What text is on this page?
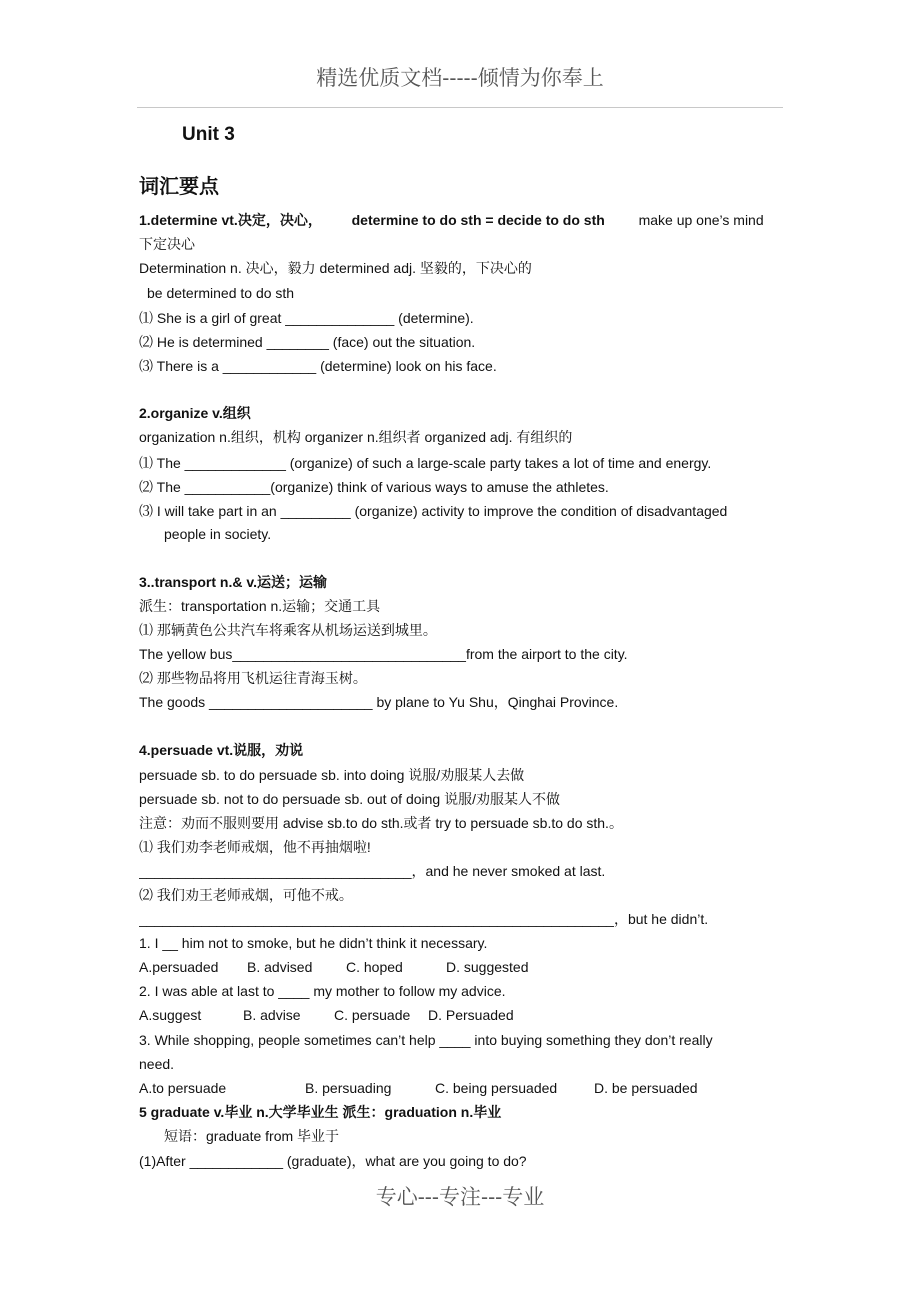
精选优质文档-----倾情为你奉上
Unit 3
词汇要点
1.determine vt.决定，决心， determine to do sth = decide to do sth make up one’s mind
下定决心
Determination n. 决心，毅力 determined adj. 坚毅的，下决心的
be determined to do sth
⑴ She is a girl of great ______________ (determine).
⑵ He is determined ________ (face) out the situation.
⑶ There is a ____________ (determine) look on his face.
2.organize v.组织
organization n.组织，机构 organizer n.组织者 organized adj. 有组织的
⑴ The _____________ (organize) of such a large-scale party takes a lot of time and energy.
⑵ The ___________(organize) think of various ways to amuse the athletes.
⑶ I will take part in an _________ (organize) activity to improve the condition of disadvantaged
people in society.
3..transport n.& v.运送；运输
派生：transportation n.运输；交通工具
⑴ 那辆黄色公共汽车将乘客从机场运送到城里。
The yellow bus______________________________from the airport to the city.
⑵ 那些物品将用飞机运往青海玉树。
The goods _____________________ by plane to Yu Shu，Qinghai Province.
4.persuade vt.说服，劝说
persuade sb. to do persuade sb. into doing 说服/劝服某人去做
persuade sb. not to do persuade sb. out of doing 说服/劝服某人不做
注意：劝而不服则要用 advise sb.to do sth.或者 try to persuade sb.to do sth.。
⑴ 我们劝李老师戒烟，他不再抽烟啦!
___________________________________，and he never smoked at last.
⑵ 我们劝王老师戒烟，可他不戒。
_____________________________________________________________，but he didn’t.
1. I __ him not to smoke, but he didn’t think it necessary.
A.persuaded B. advised C. hoped	D. suggested
2. I was able at last to ____ my mother to follow my advice.
A.suggest	B. advise C. persuade D. Persuaded
3. While shopping, people sometimes can’t help ____ into buying something they don’t really
need.
A.to persuade	B. persuading	C. being persuaded	D. be persuaded
5 graduate v.毕业 n.大学毕业生 派生：graduation n.毕业
短语：graduate from 毕业于
(1)After ____________ (graduate)，what are you going to do?
专心---专注---专业
